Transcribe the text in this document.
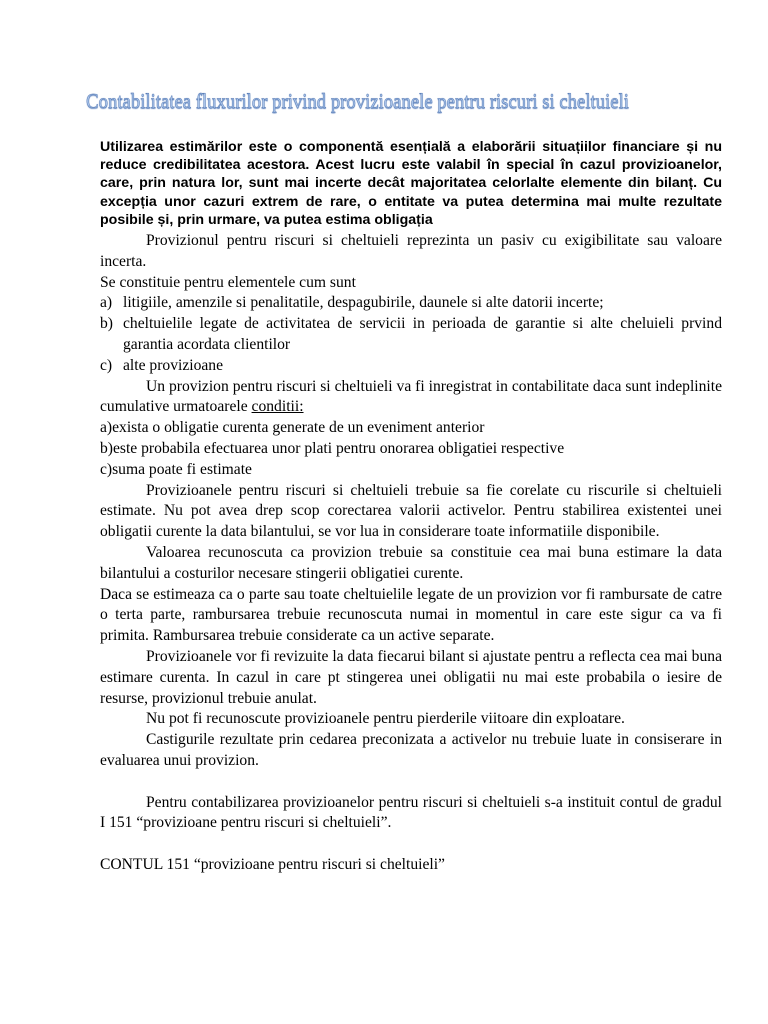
Contabilitatea fluxurilor privind provizioanele pentru riscuri si cheltuieli
Utilizarea estimărilor este o componentă esențială a elaborării situațiilor financiare și nu reduce credibilitatea acestora. Acest lucru este valabil în special în cazul provizioanelor, care, prin natura lor, sunt mai incerte decât majoritatea celorlalte elemente din bilanț. Cu excepția unor cazuri extrem de rare, o entitate va putea determina mai multe rezultate posibile și, prin urmare, va putea estima obligația

Provizionul pentru riscuri si cheltuieli reprezinta un pasiv cu exigibilitate sau valoare incerta.

Se constituie pentru elementele cum sunt

a) litigiile, amenzile si penalitatile, despagubirile, daunele si alte datorii incerte;

b) cheltuielile legate de activitatea de servicii in perioada de garantie si alte cheluieli prvind garantia acordata clientilor

c) alte provizioane

Un provizion pentru riscuri si cheltuieli va fi inregistrat in contabilitate daca sunt indeplinite cumulative urmatoarele conditii:

a)exista o obligatie curenta generate de un eveniment anterior

b)este probabila efectuarea unor plati pentru onorarea obligatiei respective

c)suma poate fi estimate

Provizioanele pentru riscuri si cheltuieli trebuie sa fie corelate cu riscurile si cheltuieli estimate. Nu pot avea drep scop corectarea valorii activelor. Pentru stabilirea existentei unei obligatii curente la data bilantului, se vor lua in considerare toate informatiile disponibile.

Valoarea recunoscuta ca provizion trebuie sa constituie cea mai buna estimare la data bilantului a costurilor necesare stingerii obligatiei curente.

Daca se estimeaza ca o parte sau toate cheltuielile legate de un provizion vor fi rambursate de catre o terta parte, rambursarea trebuie recunoscuta numai in momentul in care este sigur ca va fi primita. Rambursarea trebuie considerate ca un active separate.

Provizioanele vor fi revizuite la data fiecarui bilant si ajustate pentru a reflecta cea mai buna estimare curenta. In cazul in care pt stingerea unei obligatii nu mai este probabila o iesire de resurse, provizionul trebuie anulat.

Nu pot fi recunoscute provizioanele pentru pierderile viitoare din exploatare.

Castigurile rezultate prin cedarea preconizata a activelor nu trebuie luate in consiserare in evaluarea unui provizion.

Pentru contabilizarea provizioanelor pentru riscuri si cheltuieli s-a instituit contul de gradul I 151 “provizioane pentru riscuri si cheltuieli”.

CONTUL 151 “provizioane pentru riscuri si cheltuieli”
